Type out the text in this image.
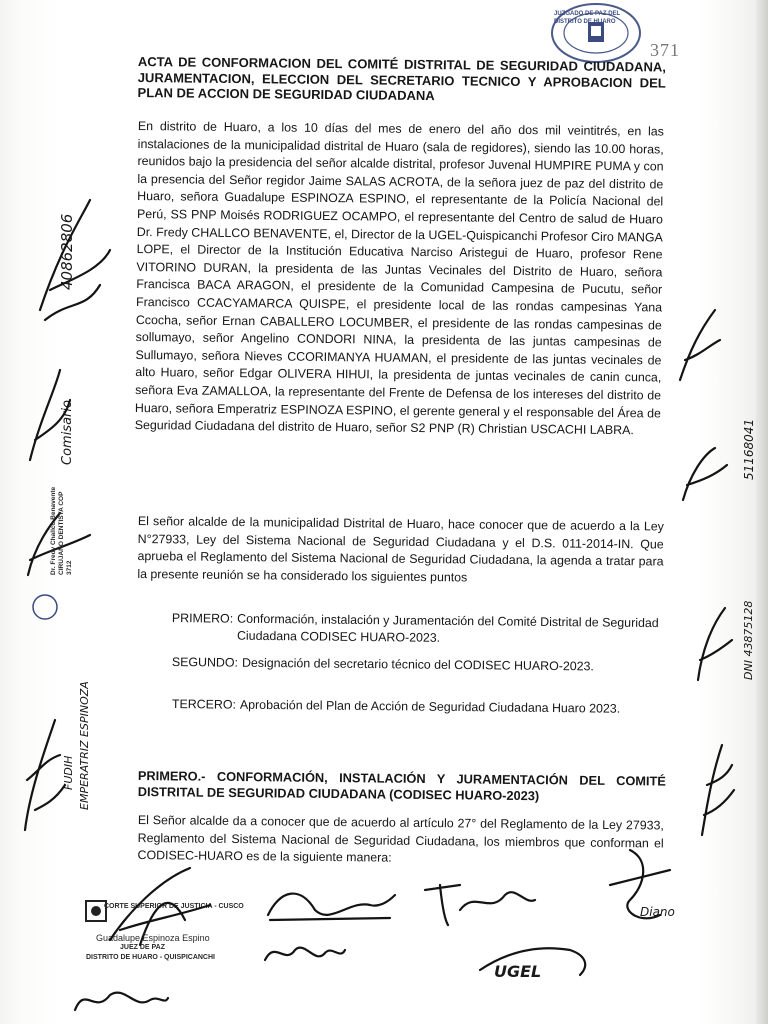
JUZGADO DE PAZ DEL DISTRITO DE HUARO
371
ACTA DE CONFORMACION DEL COMITÉ DISTRITAL DE SEGURIDAD CIUDADANA, JURAMENTACION, ELECCION DEL SECRETARIO TECNICO Y APROBACION DEL PLAN DE ACCION DE SEGURIDAD CIUDADANA
En distrito de Huaro, a los 10 días del mes de enero del año dos mil veintitrés, en las instalaciones de la municipalidad distrital de Huaro (sala de regidores), siendo las 10.00 horas, reunidos bajo la presidencia del señor alcalde distrital, profesor Juvenal HUMPIRE PUMA y con la presencia del Señor regidor Jaime SALAS ACROTA, de la señora juez de paz del distrito de Huaro, señora Guadalupe ESPINOZA ESPINO, el representante de la Policía Nacional del Perú, SS PNP Moisés RODRIGUEZ OCAMPO, el representante del Centro de salud de Huaro Dr. Fredy CHALLCO BENAVENTE, el, Director de la UGEL-Quispicanchi Profesor Ciro MANGA LOPE, el Director de la Institución Educativa Narciso Aristegui de Huaro, profesor Rene VITORINO DURAN, la presidenta de las Juntas Vecinales del Distrito de Huaro, señora Francisca BACA ARAGON, el presidente de la Comunidad Campesina de Pucutu, señor Francisco CCACYAMARCA QUISPE, el presidente local de las rondas campesinas Yana Ccocha, señor Ernan CABALLERO LOCUMBER, el presidente de las rondas campesinas de sollumayo, señor Angelino CONDORI NINA, la presidenta de las juntas campesinas de Sullumayo, señora Nieves CCORIMANYA HUAMAN, el presidente de las juntas vecinales de alto Huaro, señor Edgar OLIVERA HIHUI, la presidenta de juntas vecinales de canin cunca, señora Eva ZAMALLOA, la representante del Frente de Defensa de los intereses del distrito de Huaro, señora Emperatriz ESPINOZA ESPINO, el gerente general y el responsable del Área de Seguridad Ciudadana del distrito de Huaro, señor S2 PNP (R) Christian USCACHI LABRA.
El señor alcalde de la municipalidad Distrital de Huaro, hace conocer que de acuerdo a la Ley N°27933, Ley del Sistema Nacional de Seguridad Ciudadana y el D.S. 011-2014-IN. Que aprueba el Reglamento del Sistema Nacional de Seguridad Ciudadana, la agenda a tratar para la presente reunión se ha considerado los siguientes puntos
PRIMERO: Conformación, instalación y Juramentación del Comité Distrital de Seguridad Ciudadana CODISEC HUARO-2023.
SEGUNDO: Designación del secretario técnico del CODISEC HUARO-2023.
TERCERO: Aprobación del Plan de Acción de Seguridad Ciudadana Huaro 2023.
PRIMERO.- CONFORMACIÓN, INSTALACIÓN Y JURAMENTACIÓN DEL COMITÉ DISTRITAL DE SEGURIDAD CIUDADANA (CODISEC HUARO-2023)
El Señor alcalde da a conocer que de acuerdo al artículo 27° del Reglamento de la Ley 27933, Reglamento del Sistema Nacional de Seguridad Ciudadana, los miembros que conforman el CODISEC-HUARO es de la siguiente manera:
40862806
Comisario
Dr. Fredy Challco Benavente CIRUJANO DENTISTA COP 3712
EMPERATRIZ ESPINOZA
FUDIH
51168041
DNI 43875128
CORTE SUPERIOR DE JUSTICIA - CUSCO
Guadalupe Espinoza Espino
JUEZ DE PAZ
DISTRITO DE HUARO - QUISPICANCHI
Diano
UGEL
